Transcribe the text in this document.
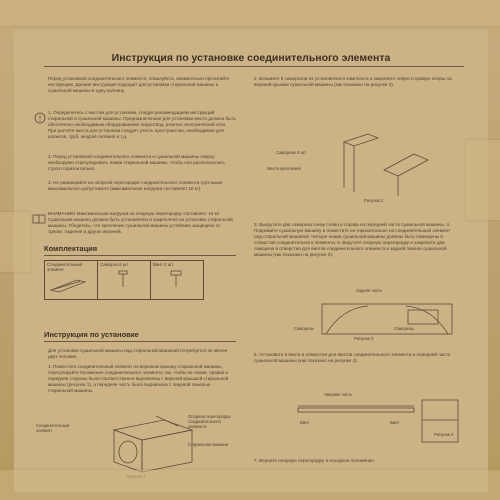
Инструкция по установке соединительного элемента
Перед установкой соединительного элемента, пожалуйста, внимательно прочитайте инструкцию. Данная инструкция подходит для установки стиральной машины и сушильной машины в одну колонну.
1. Определитесь с местом для установки, следуя рекомендациям инструкций стиральной и сушильной машины. Предназначенное для установки место должно быть обеспечено необходимым оборудованием: водоотвод, розетка электрической сети. При расчёте места для установки следует учесть пространство, необходимое для шлангов, труб, шнуров питания и т.д.
2. Перед установкой соединительного элемента и сушильной машины сверху необходимо отрегулировать ножки стиральной машины, чтобы она располагалась строго горизонтально.
3. Не размещайте на опорной перегородке соединительного элемента груз выше максимального допустимого (максимальная нагрузка составляет 10 кг).
ВНИМАНИЕ! Максимальная нагрузка на опорную перегородку составляет 10 кг! Сушильная машина должна быть установлена и закреплена на установке стиральной машины. Убедитесь, что крепление сушильной машины устойчиво защищено от тряски, падения и других явлений.
Комплектация
Соединительный элемент
	Саморез 6 шт.	Винт 2 шт.
Инструкция по установке
Для установки сушильной машины над стиральной машиной потребуется не менее двух человек.
1. Поместите соединительный элемент на верхнюю крышку стиральной машины, отрегулируйте положение соединительного элемента так, чтобы ее левая, правая и передняя стороны были соответственно выровнены с верхней крышкой стиральной машины (рисунок 1), а передняя часть была выровнена с лицевой панелью стиральной машины.
Соединительный элемент
Опорная перегородка соединительного элемента
Стиральная машина
2. Возьмите 6 саморезов из установочного комплекта и закрепите левую и правую опоры на верхней крышке сушильной машины (как показано на рисунке 2).
Саморезы 6 шт.
Место крепления
Рисунок 2
3. Выкрутите два самореза снизу слева и справа на передней части сушильной машины. 4. Поднимите сушильную машину и поместите ее горизонтально на соединительный элемент над стиральной машиной. Четыре ножки сушильной машины должны быть помещены в отверстия соединительного элемента. 5. Вкрутите опорную перегородку и закрепите два самореза в отверстия для винтов соединительного элемента и задней панели сушильной машины (как показано на рисунке 3).
Задняя часть
Саморезы	Саморезы
Рисунок 3
6. Установите 2 винта в отверстия для винтов соединительного элемента и передней части сушильной машины (как показано на рисунке 4).
Лицевая часть
Винт	Винт
Рисунок 4
7. Верните опорную перегородку в исходное положение.
